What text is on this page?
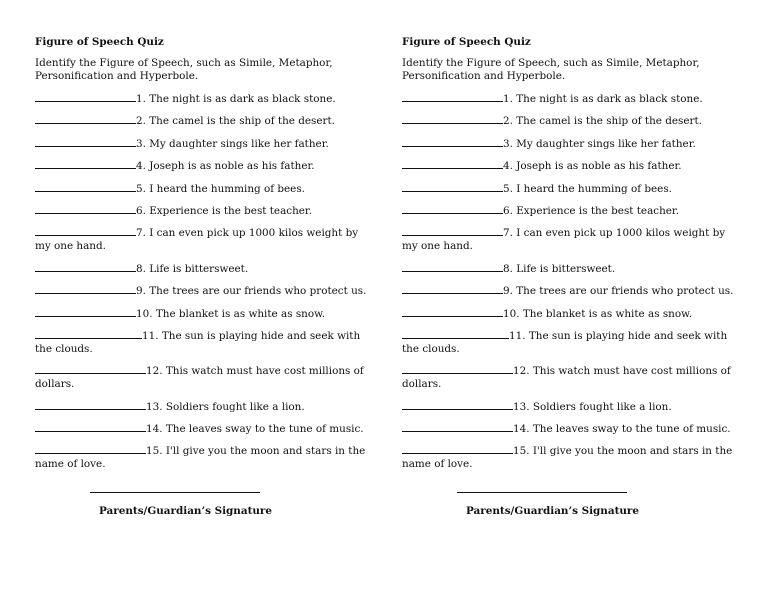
Figure of Speech Quiz
Identify the Figure of Speech, such as Simile, Metaphor, Personification and Hyperbole.
1. The night is as dark as black stone.
2. The camel is the ship of the desert.
3. My daughter sings like her father.
4. Joseph is as noble as his father.
5. I heard the humming of bees.
6. Experience is the best teacher.
7. I can even pick up 1000 kilos weight by my one hand.
8. Life is bittersweet.
9. The trees are our friends who protect us.
10. The blanket is as white as snow.
11. The sun is playing hide and seek with the clouds.
12. This watch must have cost millions of dollars.
13. Soldiers fought like a lion.
14. The leaves sway to the tune of music.
15. I'll give you the moon and stars in the name of love.
Parents/Guardian’s Signature
Figure of Speech Quiz
Identify the Figure of Speech, such as Simile, Metaphor, Personification and Hyperbole.
1. The night is as dark as black stone.
2. The camel is the ship of the desert.
3. My daughter sings like her father.
4. Joseph is as noble as his father.
5. I heard the humming of bees.
6. Experience is the best teacher.
7. I can even pick up 1000 kilos weight by my one hand.
8. Life is bittersweet.
9. The trees are our friends who protect us.
10. The blanket is as white as snow.
11. The sun is playing hide and seek with the clouds.
12. This watch must have cost millions of dollars.
13. Soldiers fought like a lion.
14. The leaves sway to the tune of music.
15. I'll give you the moon and stars in the name of love.
Parents/Guardian’s Signature
